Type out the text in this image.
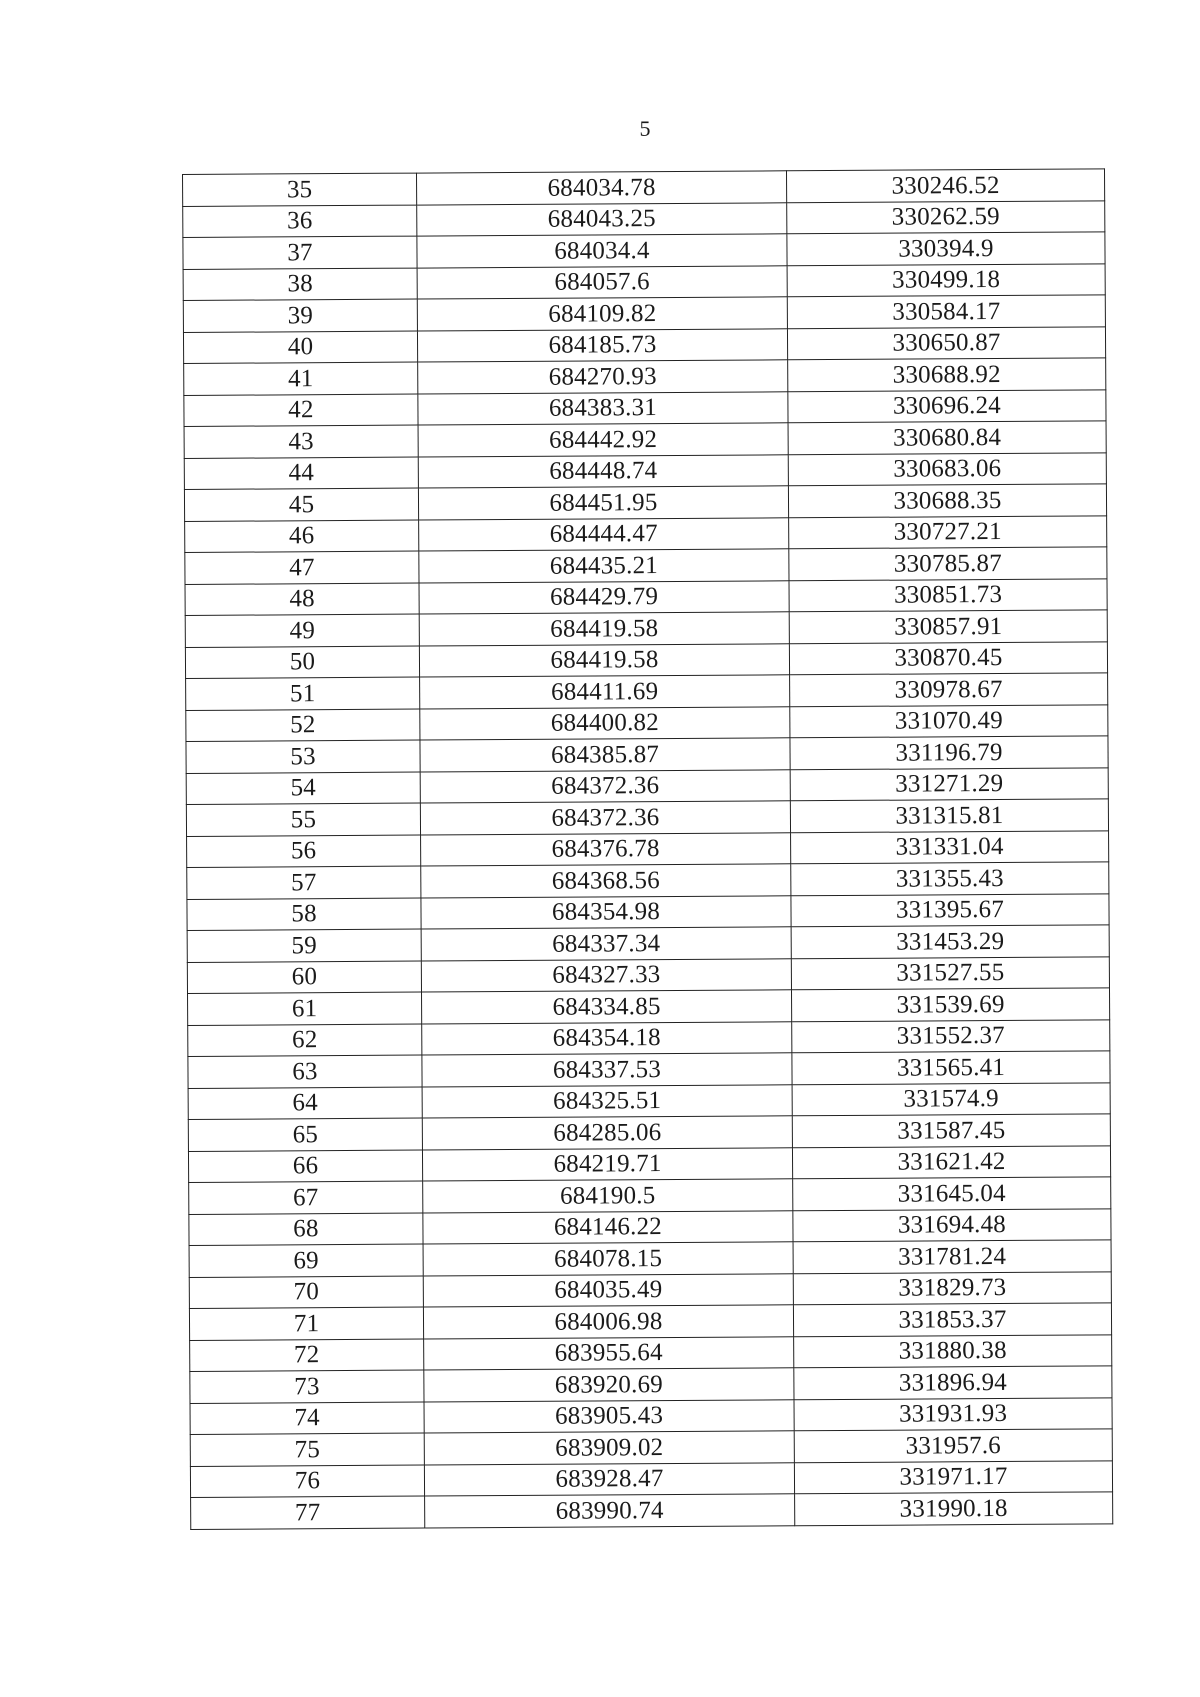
5
35	684034.78	330246.52
36	684043.25	330262.59
37	684034.4	330394.9
38	684057.6	330499.18
39	684109.82	330584.17
40	684185.73	330650.87
41	684270.93	330688.92
42	684383.31	330696.24
43	684442.92	330680.84
44	684448.74	330683.06
45	684451.95	330688.35
46	684444.47	330727.21
47	684435.21	330785.87
48	684429.79	330851.73
49	684419.58	330857.91
50	684419.58	330870.45
51	684411.69	330978.67
52	684400.82	331070.49
53	684385.87	331196.79
54	684372.36	331271.29
55	684372.36	331315.81
56	684376.78	331331.04
57	684368.56	331355.43
58	684354.98	331395.67
59	684337.34	331453.29
60	684327.33	331527.55
61	684334.85	331539.69
62	684354.18	331552.37
63	684337.53	331565.41
64	684325.51	331574.9
65	684285.06	331587.45
66	684219.71	331621.42
67	684190.5	331645.04
68	684146.22	331694.48
69	684078.15	331781.24
70	684035.49	331829.73
71	684006.98	331853.37
72	683955.64	331880.38
73	683920.69	331896.94
74	683905.43	331931.93
75	683909.02	331957.6
76	683928.47	331971.17
77	683990.74	331990.18
